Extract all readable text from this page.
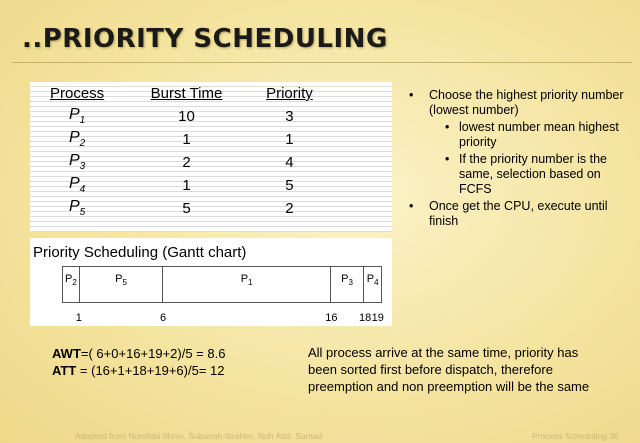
..PRIORITY SCHEDULING
Process	Burst Time	Priority
$P_1$	10	3
$P_2$	1	1
$P_3$	2	4
$P_4$	1	5
$P_5$	5	2
Priority Scheduling (Gantt chart)
$P_2$	$P_5$	$P_1$	$P_3$	$P_4$
1	6	16 18 19
• Choose the highest priority number (lowest number)
• lowest number mean highest priority
• If the priority number is the same, selection based on FCFS
• Once get the CPU, execute until finish
AWT=( 6+0+16+19+2)/5 = 8.6
ATT = (16+1+18+19+6)/5= 12

All process arrive at the same time, priority has been sorted first before dispatch, therefore preemption and non preemption will be the same

Adapted from Norafida Ithnin, Subanah Ibrahim, Noh Abd. Samad	Process Scheduling 36
